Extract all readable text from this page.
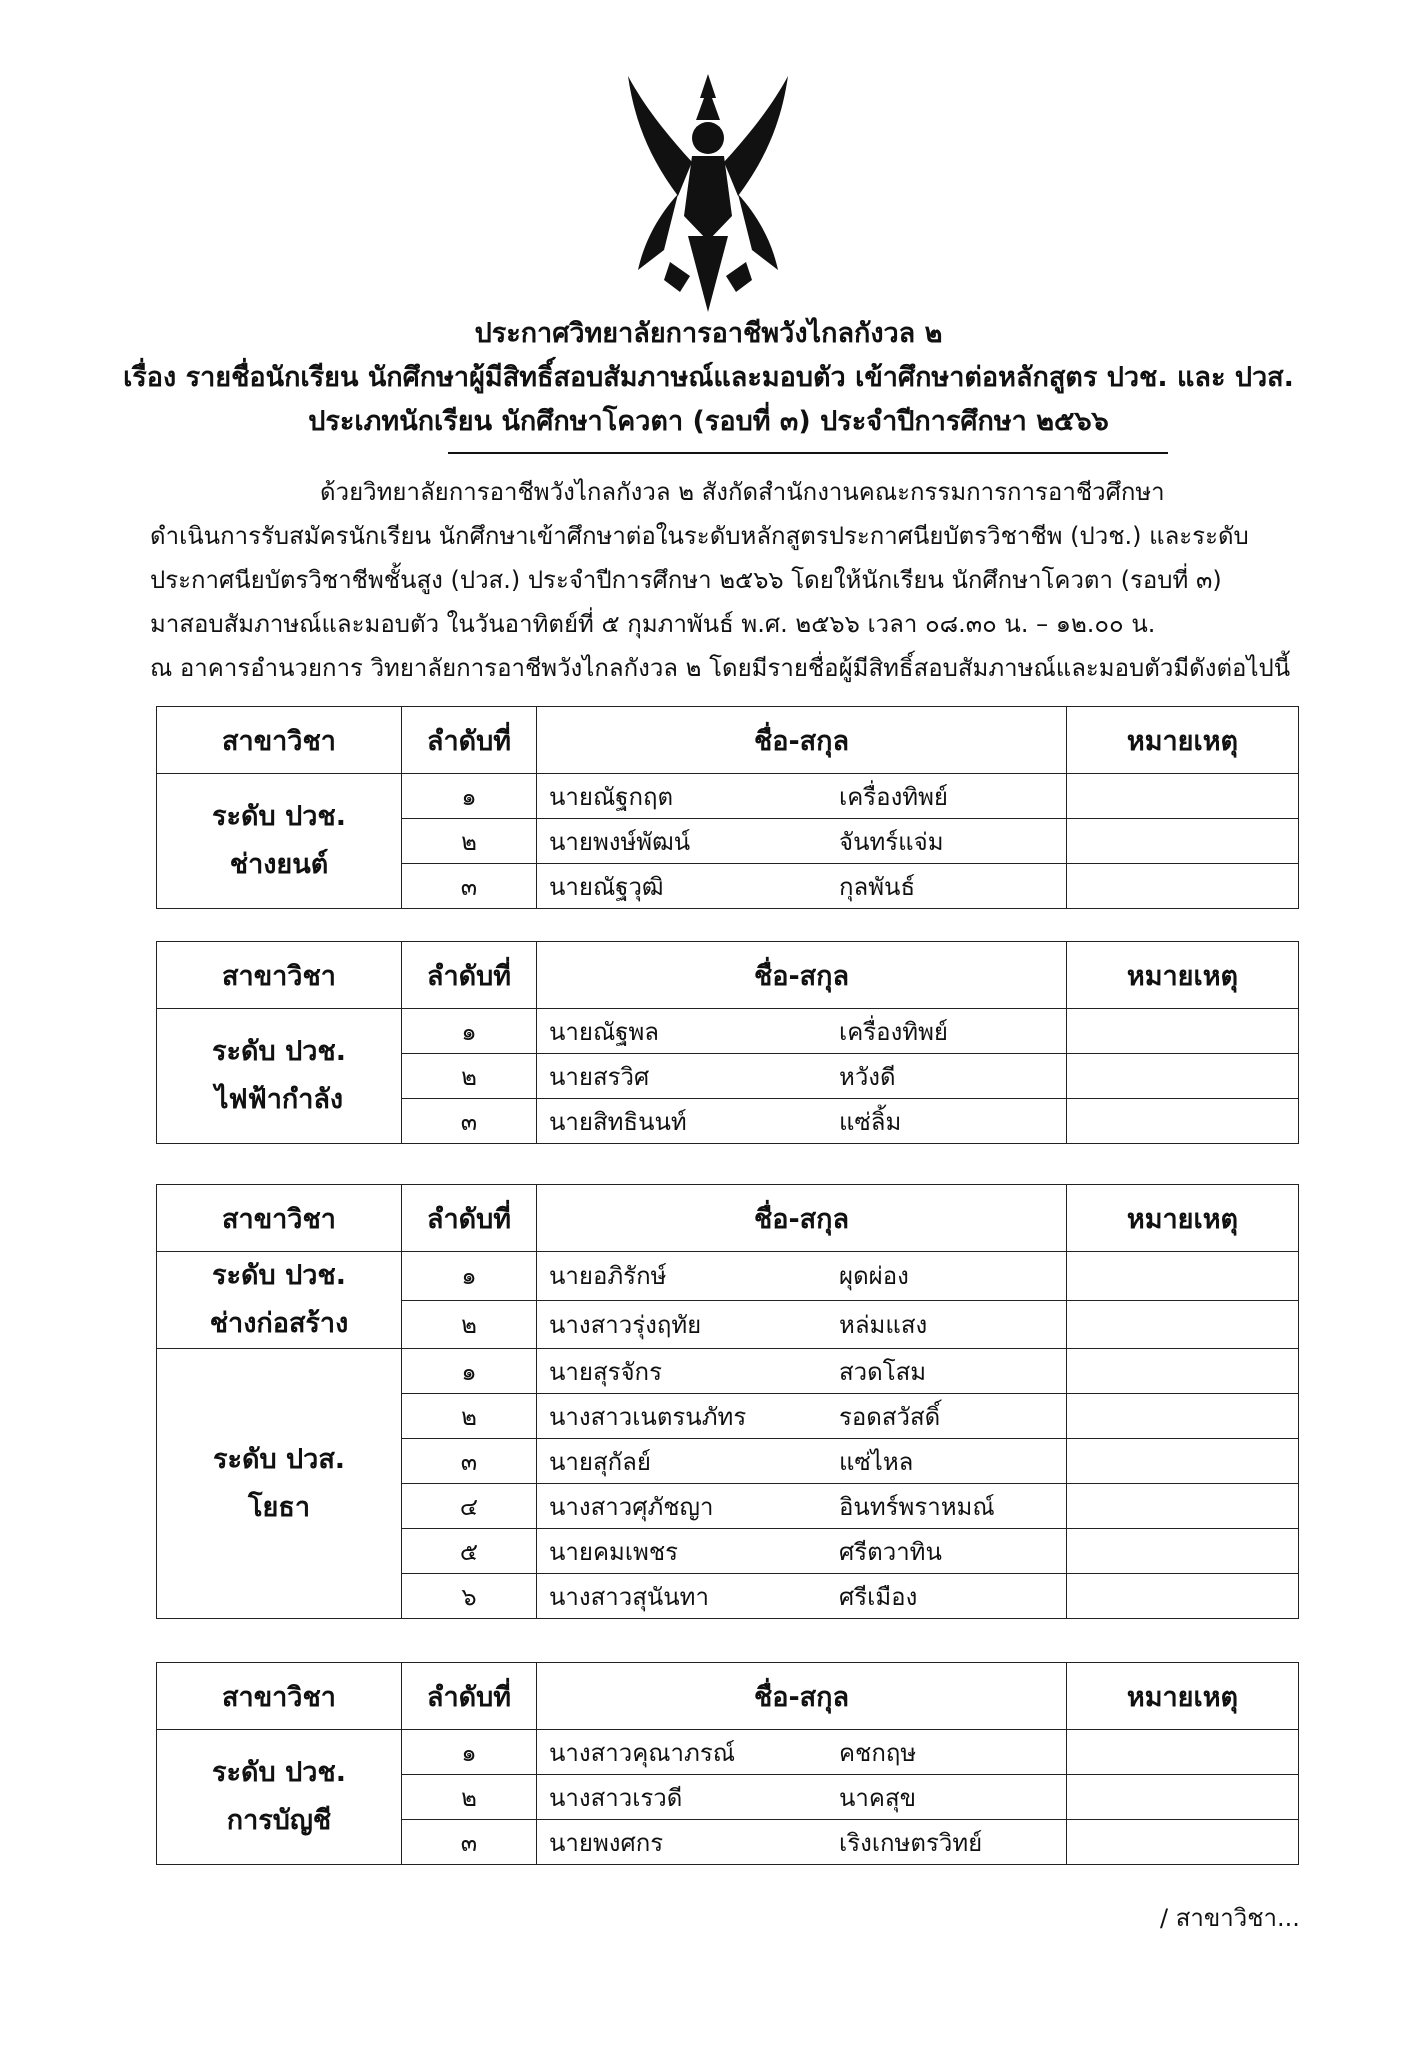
ประกาศวิทยาลัยการอาชีพวังไกลกังวล ๒
เรื่อง รายชื่อนักเรียน นักศึกษาผู้มีสิทธิ์สอบสัมภาษณ์และมอบตัว เข้าศึกษาต่อหลักสูตร ปวช. และ ปวส.
ประเภทนักเรียน นักศึกษาโควตา (รอบที่ ๓) ประจำปีการศึกษา ๒๕๖๖
ด้วยวิทยาลัยการอาชีพวังไกลกังวล ๒ สังกัดสำนักงานคณะกรรมการการอาชีวศึกษา
ดำเนินการรับสมัครนักเรียน นักศึกษาเข้าศึกษาต่อในระดับหลักสูตรประกาศนียบัตรวิชาชีพ (ปวช.) และระดับ
ประกาศนียบัตรวิชาชีพชั้นสูง (ปวส.) ประจำปีการศึกษา ๒๕๖๖ โดยให้นักเรียน นักศึกษาโควตา (รอบที่ ๓)
มาสอบสัมภาษณ์และมอบตัว ในวันอาทิตย์ที่ ๕ กุมภาพันธ์ พ.ศ. ๒๕๖๖ เวลา ๐๘.๓๐ น. – ๑๒.๐๐ น.
ณ อาคารอำนวยการ วิทยาลัยการอาชีพวังไกลกังวล ๒ โดยมีรายชื่อผู้มีสิทธิ์สอบสัมภาษณ์และมอบตัวมีดังต่อไปนี้
สาขาวิชา	ลำดับที่	ชื่อ-สกุล	หมายเหตุ

ระดับ ปวช.
ช่างยนต์	๑	นายณัฐกฤต เครื่องทิพย์	
	๒	นายพงษ์พัฒน์ จันทร์แจ่ม	
	๓	นายณัฐวุฒิ กุลพันธ์	
สาขาวิชา	ลำดับที่	ชื่อ-สกุล	หมายเหตุ

ระดับ ปวช.
ไฟฟ้ากำลัง	๑	นายณัฐพล เครื่องทิพย์	
	๒	นายสรวิศ หวังดี	
	๓	นายสิทธินนท์ แซ่ลิ้ม	
สาขาวิชา	ลำดับที่	ชื่อ-สกุล	หมายเหตุ

ระดับ ปวช.
ช่างก่อสร้าง	๑	นายอภิรักษ์ ผุดผ่อง	
	๒	นางสาวรุ่งฤทัย หล่มแสง	

ระดับ ปวส.
โยธา	๑	นายสุรจักร สวดโสม	
	๒	นางสาวเนตรนภัทร รอดสวัสดิ์	
	๓	นายสุกัลย์ แซ่ไหล	
	๔	นางสาวศุภัชญา อินทร์พราหมณ์	
	๕	นายคมเพชร ศรีตวาทิน	
	๖	นางสาวสุนันทา ศรีเมือง	
สาขาวิชา	ลำดับที่	ชื่อ-สกุล	หมายเหตุ

ระดับ ปวช.
การบัญชี	๑	นางสาวคุณาภรณ์ คชกฤษ	
	๒	นางสาวเรวดี นาคสุข	
	๓	นายพงศกร เริงเกษตรวิทย์	
/ สาขาวิชา...
